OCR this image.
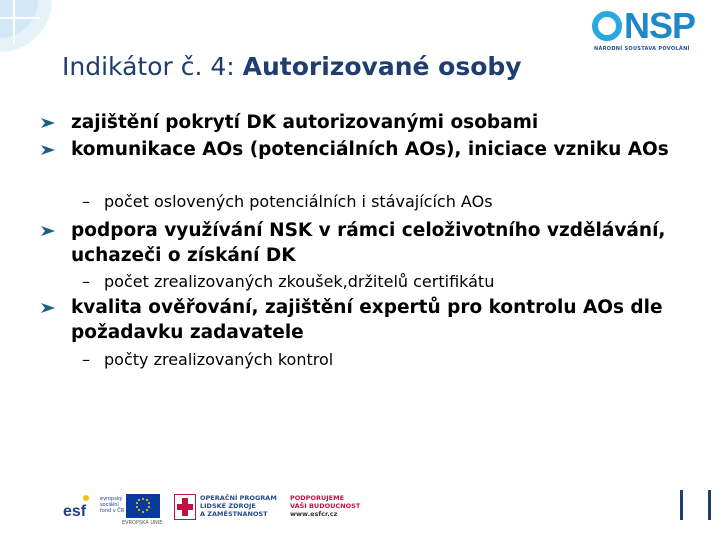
NSP
NÁRODNÍ SOUSTAVA POVOLÁNÍ
Indikátor č. 4: Autorizované osoby
zajištění pokrytí DK autorizovanými osobami
komunikace AOs (potenciálních AOs), iniciace vzniku AOs
– počet oslovených potenciálních i stávajících AOs
podpora využívání NSK v rámci celoživotního vzdělávání, uchazeči o získání DK
– počet zrealizovaných zkoušek,držitelů certifikátu
kvalita ověřování, zajištění expertů pro kontrolu AOs dle požadavku zadavatele
– počty zrealizovaných kontrol
esf
evropský sociální fond v ČR
EVROPSKÁ UNIE
OPERAČNÍ PROGRAM
LIDSKÉ ZDROJE
A ZAMĚSTNANOST
PODPORUJEME
VAŠI BUDOUCNOST
www.esfcr.cz
